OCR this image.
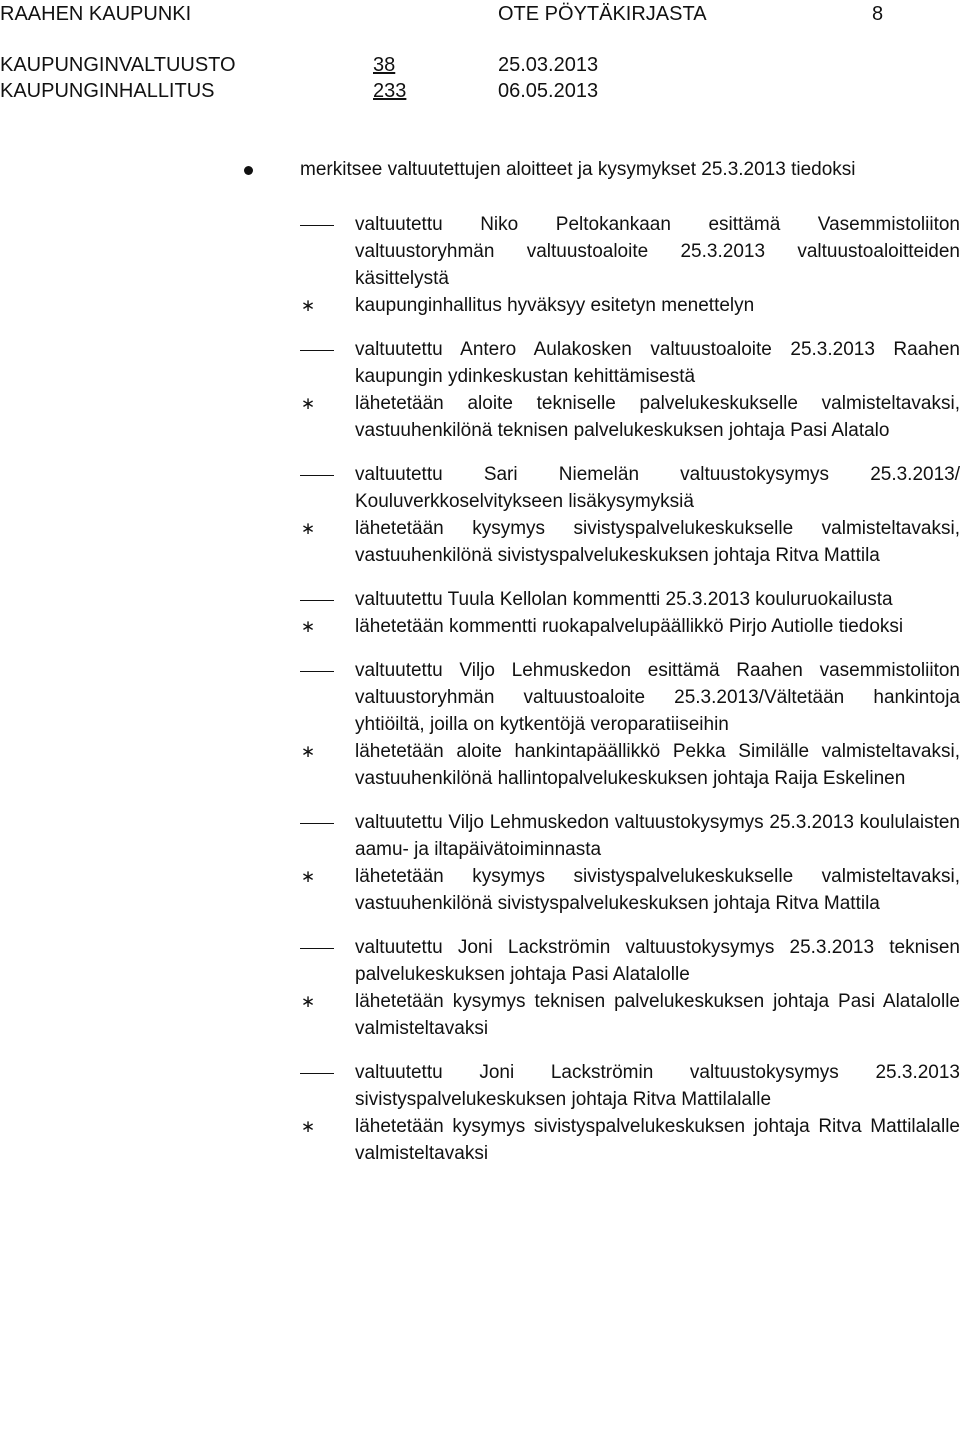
RAAHEN KAUPUNKI	OTE PÖYTÄKIRJASTA	8
KAUPUNGINVALTUUSTO	38	25.03.2013
KAUPUNGINHALLITUS	233	06.05.2013
merkitsee valtuutettujen aloitteet ja kysymykset 25.3.2013 tiedoksi
valtuutettu Niko Peltokankaan esittämä Vasemmistoliiton valtuustoryhmän valtuustoaloite 25.3.2013 valtuustoaloitteiden käsittelystä
∗ kaupunginhallitus hyväksyy esitetyn menettelyn
valtuutettu Antero Aulakosken valtuustoaloite 25.3.2013 Raahen kaupungin ydinkeskustan kehittämisestä
∗ lähetetään aloite tekniselle palvelukeskukselle valmisteltavaksi, vastuuhenkilönä teknisen palvelukeskuksen johtaja Pasi Alatalo
valtuutettu Sari Niemelän valtuustokysymys 25.3.2013/ Kouluverkkoselvitykseen lisäkysymyksiä
∗ lähetetään kysymys sivistyspalvelukeskukselle valmisteltavaksi, vastuuhenkilönä sivistyspalvelukeskuksen johtaja Ritva Mattila
valtuutettu Tuula Kellolan kommentti 25.3.2013 kouluruokailusta
∗ lähetetään kommentti ruokapalvelupäällikkö Pirjo Autiolle tiedoksi
valtuutettu Viljo Lehmuskedon esittämä Raahen vasemmistoliiton valtuustoryhmän valtuustoaloite 25.3.2013/Vältetään hankintoja yhtiöiltä, joilla on kytkentöjä veroparatiiseihin
∗ lähetetään aloite hankintapäällikkö Pekka Similälle valmisteltavaksi, vastuuhenkilönä hallintopalvelukeskuksen johtaja Raija Eskelinen
valtuutettu Viljo Lehmuskedon valtuustokysymys 25.3.2013 koululaisten aamu- ja iltapäivätoiminnasta
∗ lähetetään kysymys sivistyspalvelukeskukselle valmisteltavaksi, vastuuhenkilönä sivistyspalvelukeskuksen johtaja Ritva Mattila
valtuutettu Joni Lackströmin valtuustokysymys 25.3.2013 teknisen palvelukeskuksen johtaja Pasi Alatalolle
∗ lähetetään kysymys teknisen palvelukeskuksen johtaja Pasi Alatalolle valmisteltavaksi
valtuutettu Joni Lackströmin valtuustokysymys 25.3.2013 sivistyspalvelukeskuksen johtaja Ritva Mattilalalle
∗ lähetetään kysymys sivistyspalvelukeskuksen johtaja Ritva Mattilalalle valmisteltavaksi
